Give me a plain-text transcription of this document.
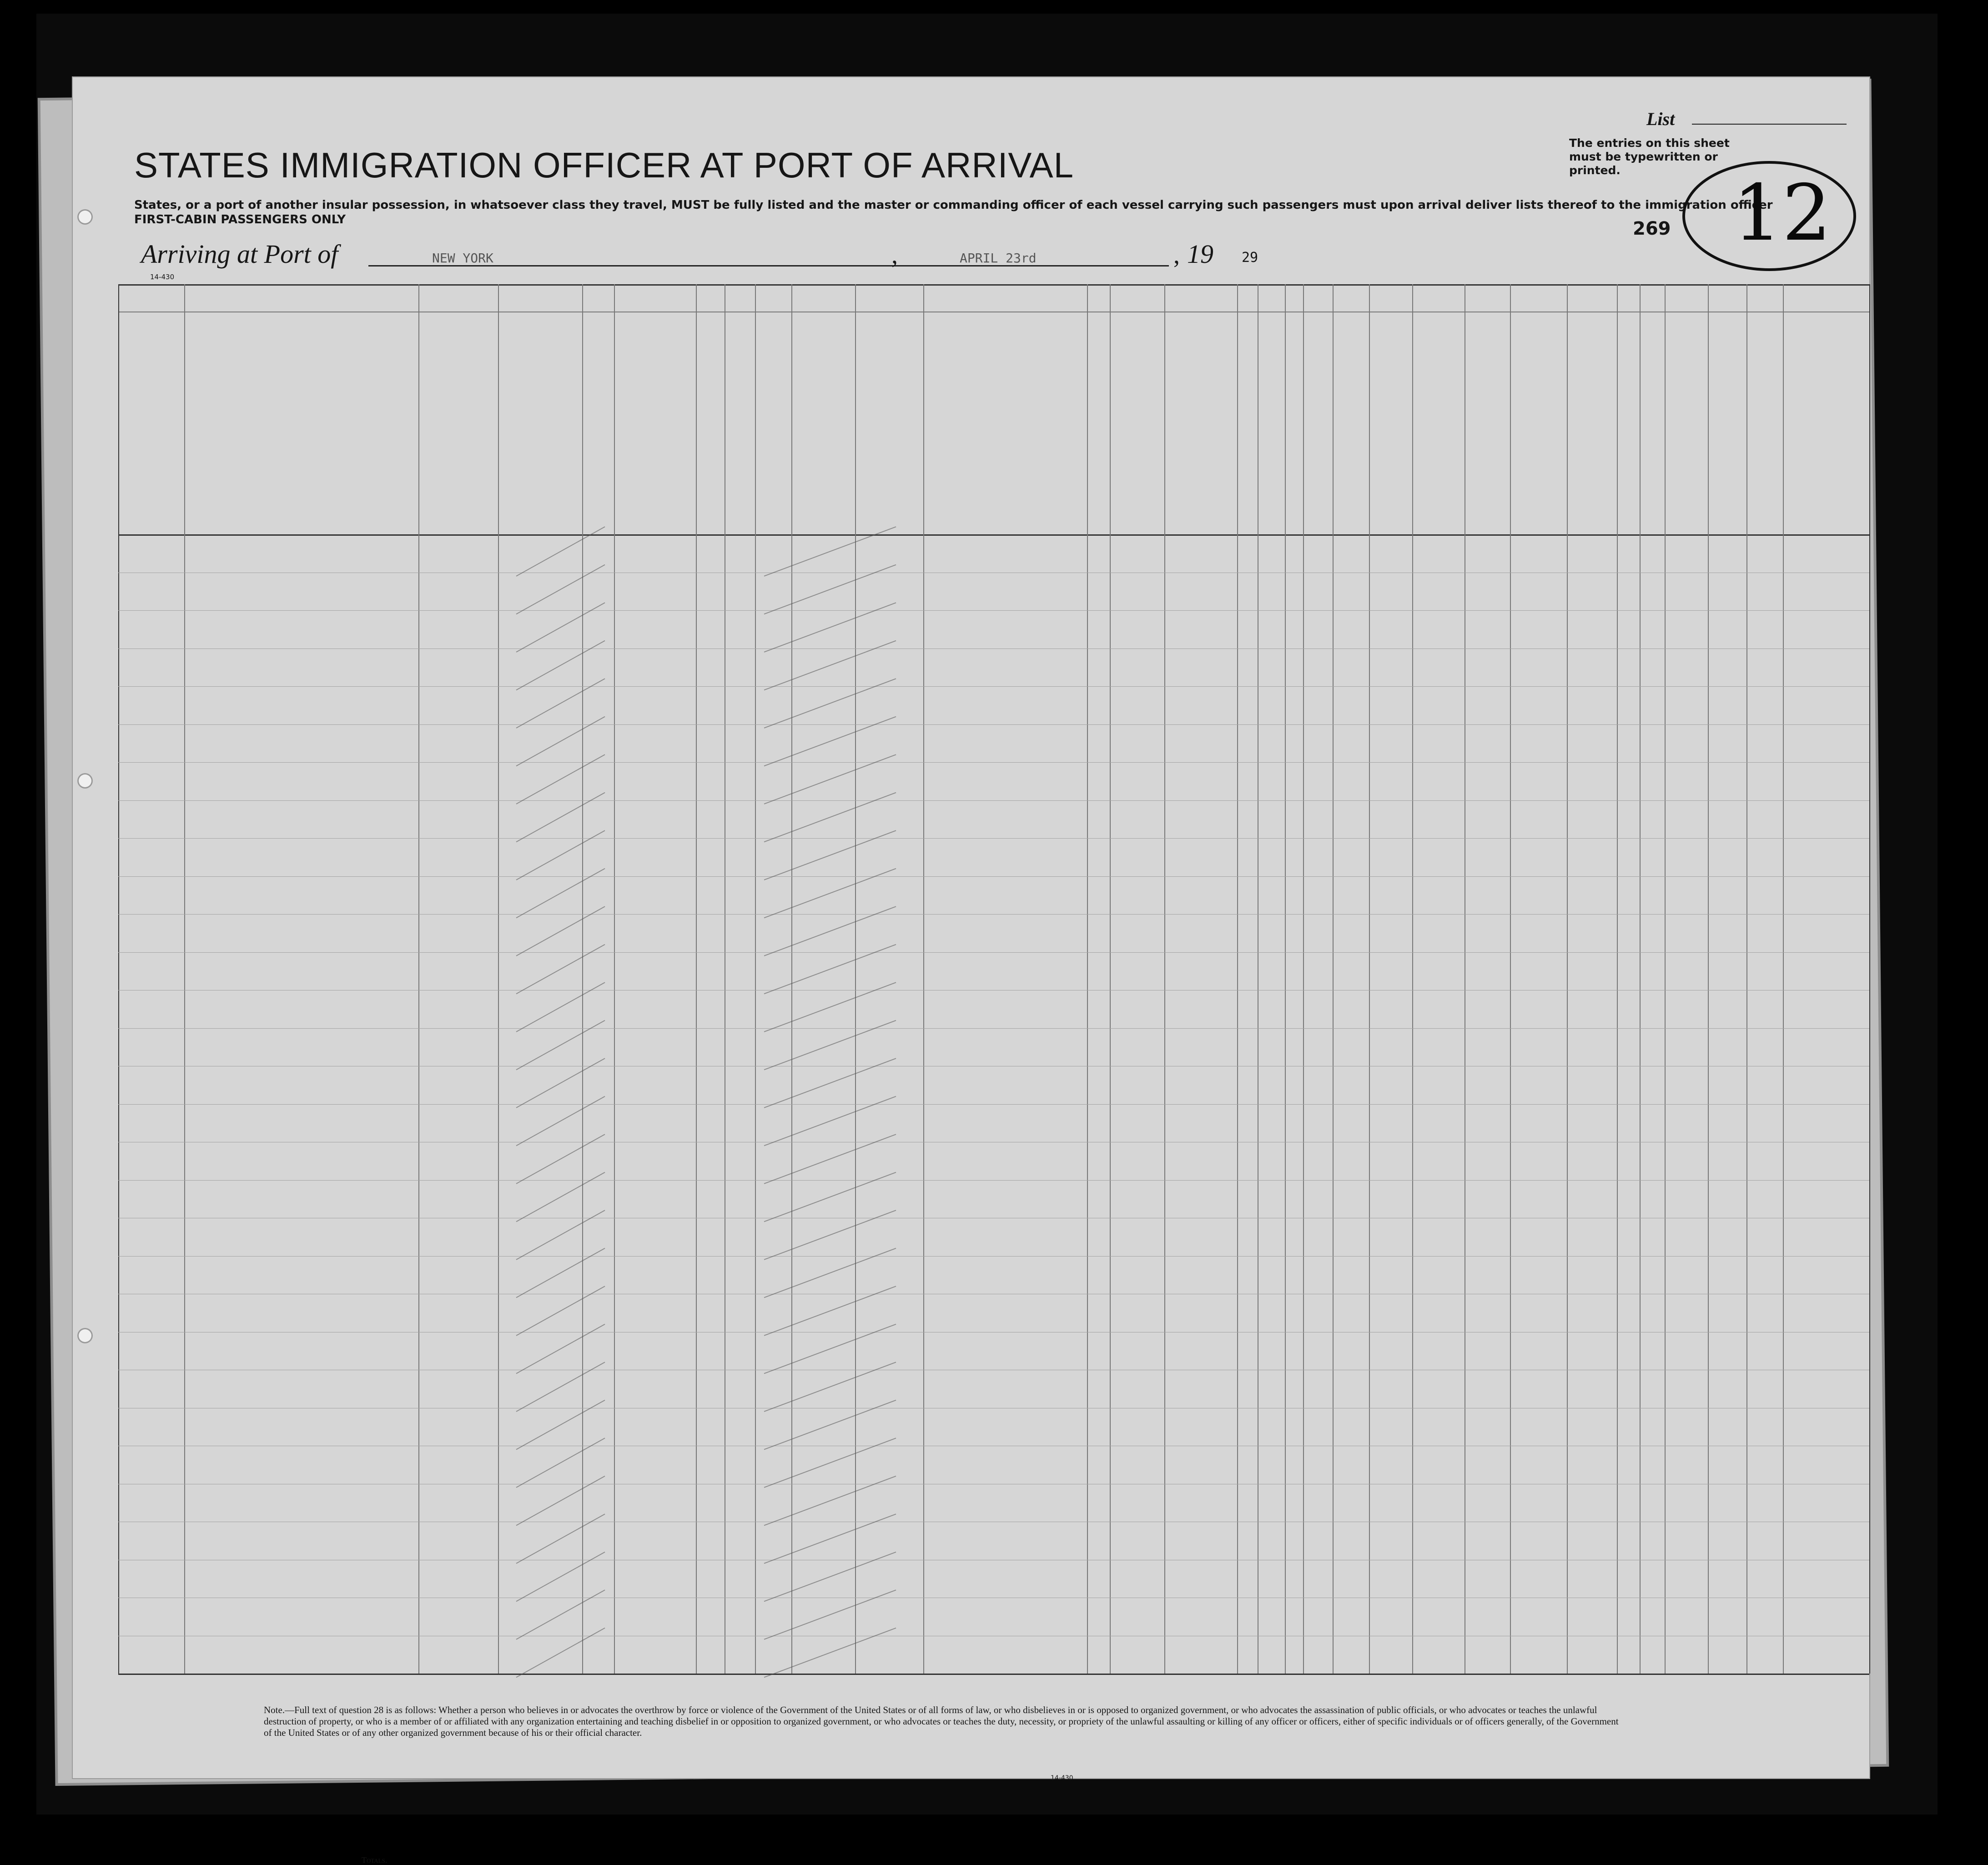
List
STATES IMMIGRATION OFFICER AT PORT OF ARRIVAL
States, or a port of another insular possession, in whatsoever class they travel, MUST be fully listed and the master or commanding officer of each vessel carrying such passengers must upon arrival deliver lists thereof to the immigration officer
FIRST-CABIN PASSENGERS ONLY
The entries on this sheet must be typewritten or printed.
269 12
Arriving at Port of	NEW YORK	,	APRIL 23rd	, 19 29
14-430
Note.—Full text of question 28 is as follows: Whether a person who believes in or advocates the overthrow by force or violence of the Government of the United States or of all forms of law, or who disbelieves in or is opposed to organized government, or who advocates the assassination of public officials, or who advocates or teaches the unlawful destruction of property, or who is a member of or affiliated with any organization entertaining and teaching disbelief in or opposition to organized government, or who advocates or teaches the duty, necessity, or propriety of the unlawful assaulting or killing of any officer or officers, either of specific individuals or of officers generally, of the Government of the United States or of any other organized government because of his or their official character.
14-430
Totals.
